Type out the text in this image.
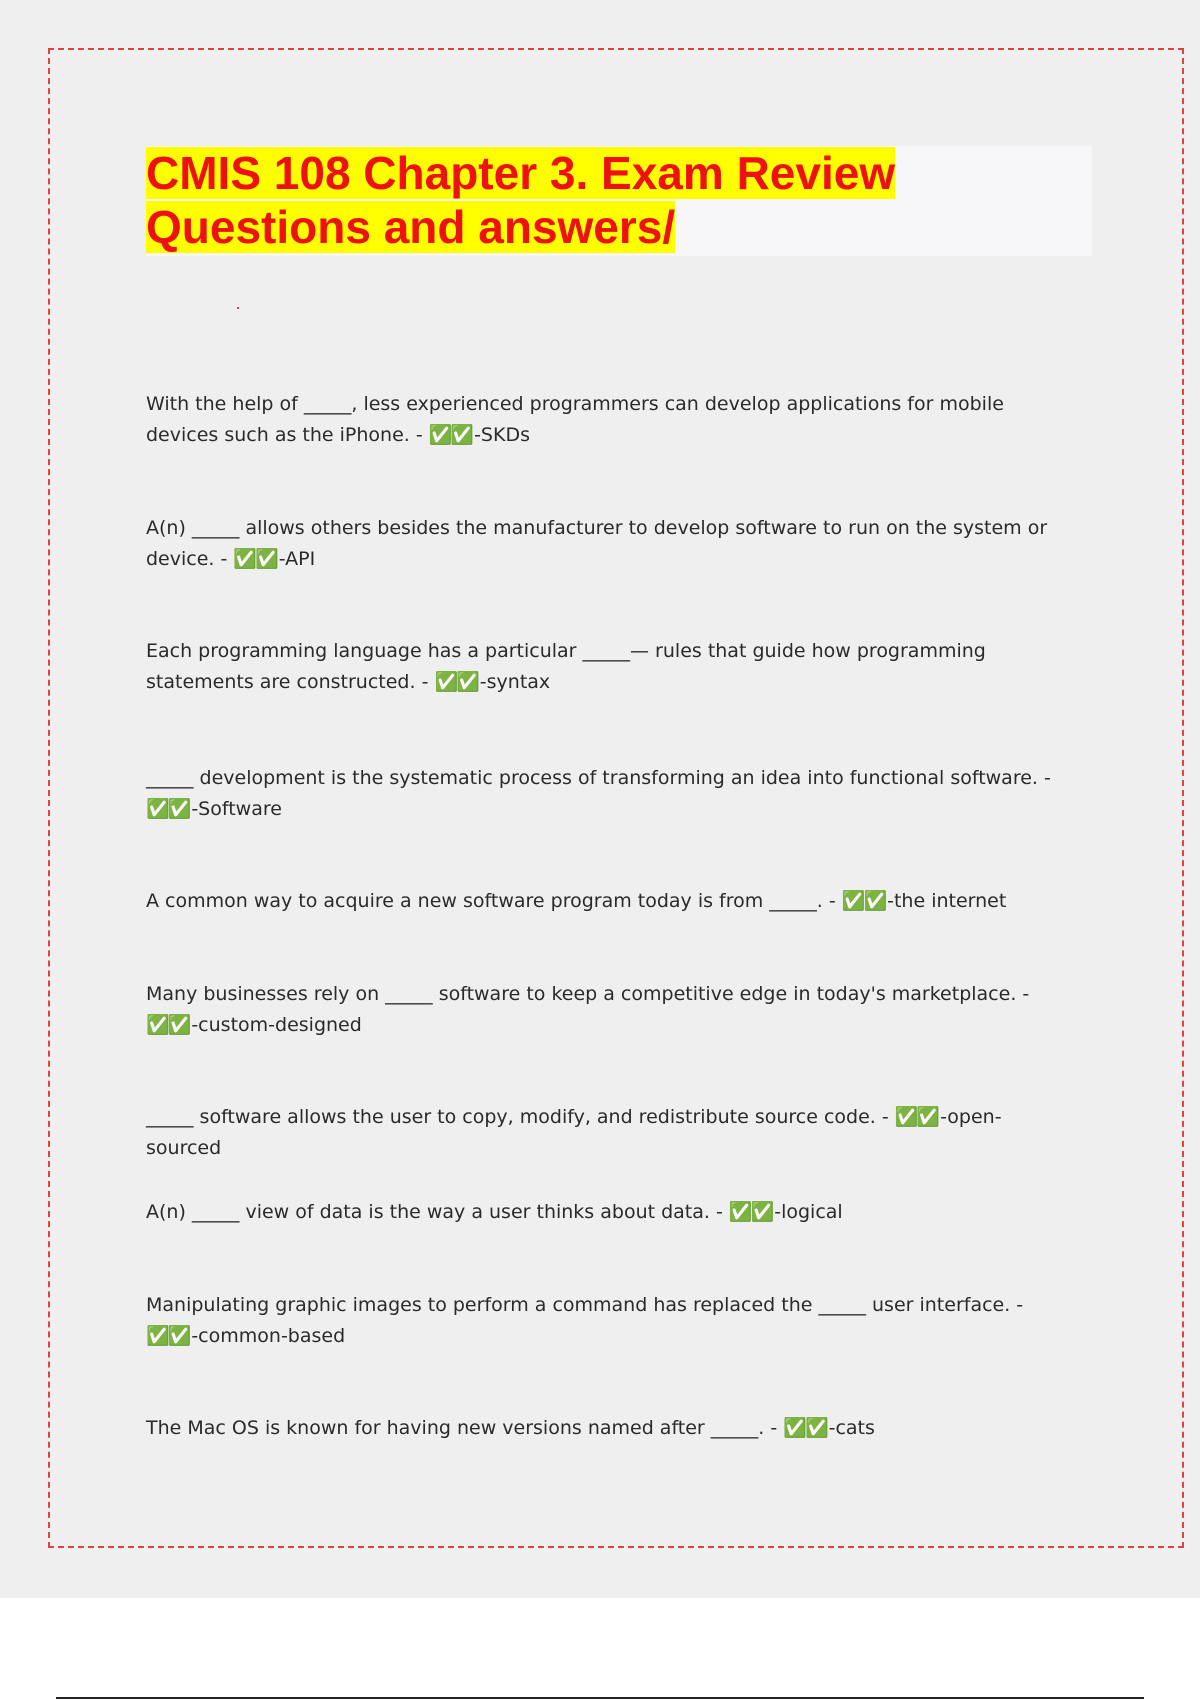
CMIS 108 Chapter 3. Exam Review
Questions and answers/

With the help of _____, less experienced programmers can develop applications for mobile devices such as the iPhone. - ✅✅ -SKDs

A(n) _____ allows others besides the manufacturer to develop software to run on the system or device. - ✅✅ -API

Each programming language has a particular _____— rules that guide how programming statements are constructed. - ✅✅ -syntax

_____ development is the systematic process of transforming an idea into functional software. - ✅✅ -Software

A common way to acquire a new software program today is from _____. - ✅✅ -the internet

Many businesses rely on _____ software to keep a competitive edge in today's marketplace. - ✅✅ -custom-designed

_____ software allows the user to copy, modify, and redistribute source code. - ✅✅ -open-sourced

A(n) _____ view of data is the way a user thinks about data. - ✅✅ -logical

Manipulating graphic images to perform a command has replaced the _____ user interface. - ✅✅ -common-based

The Mac OS is known for having new versions named after _____. - ✅✅ -cats
